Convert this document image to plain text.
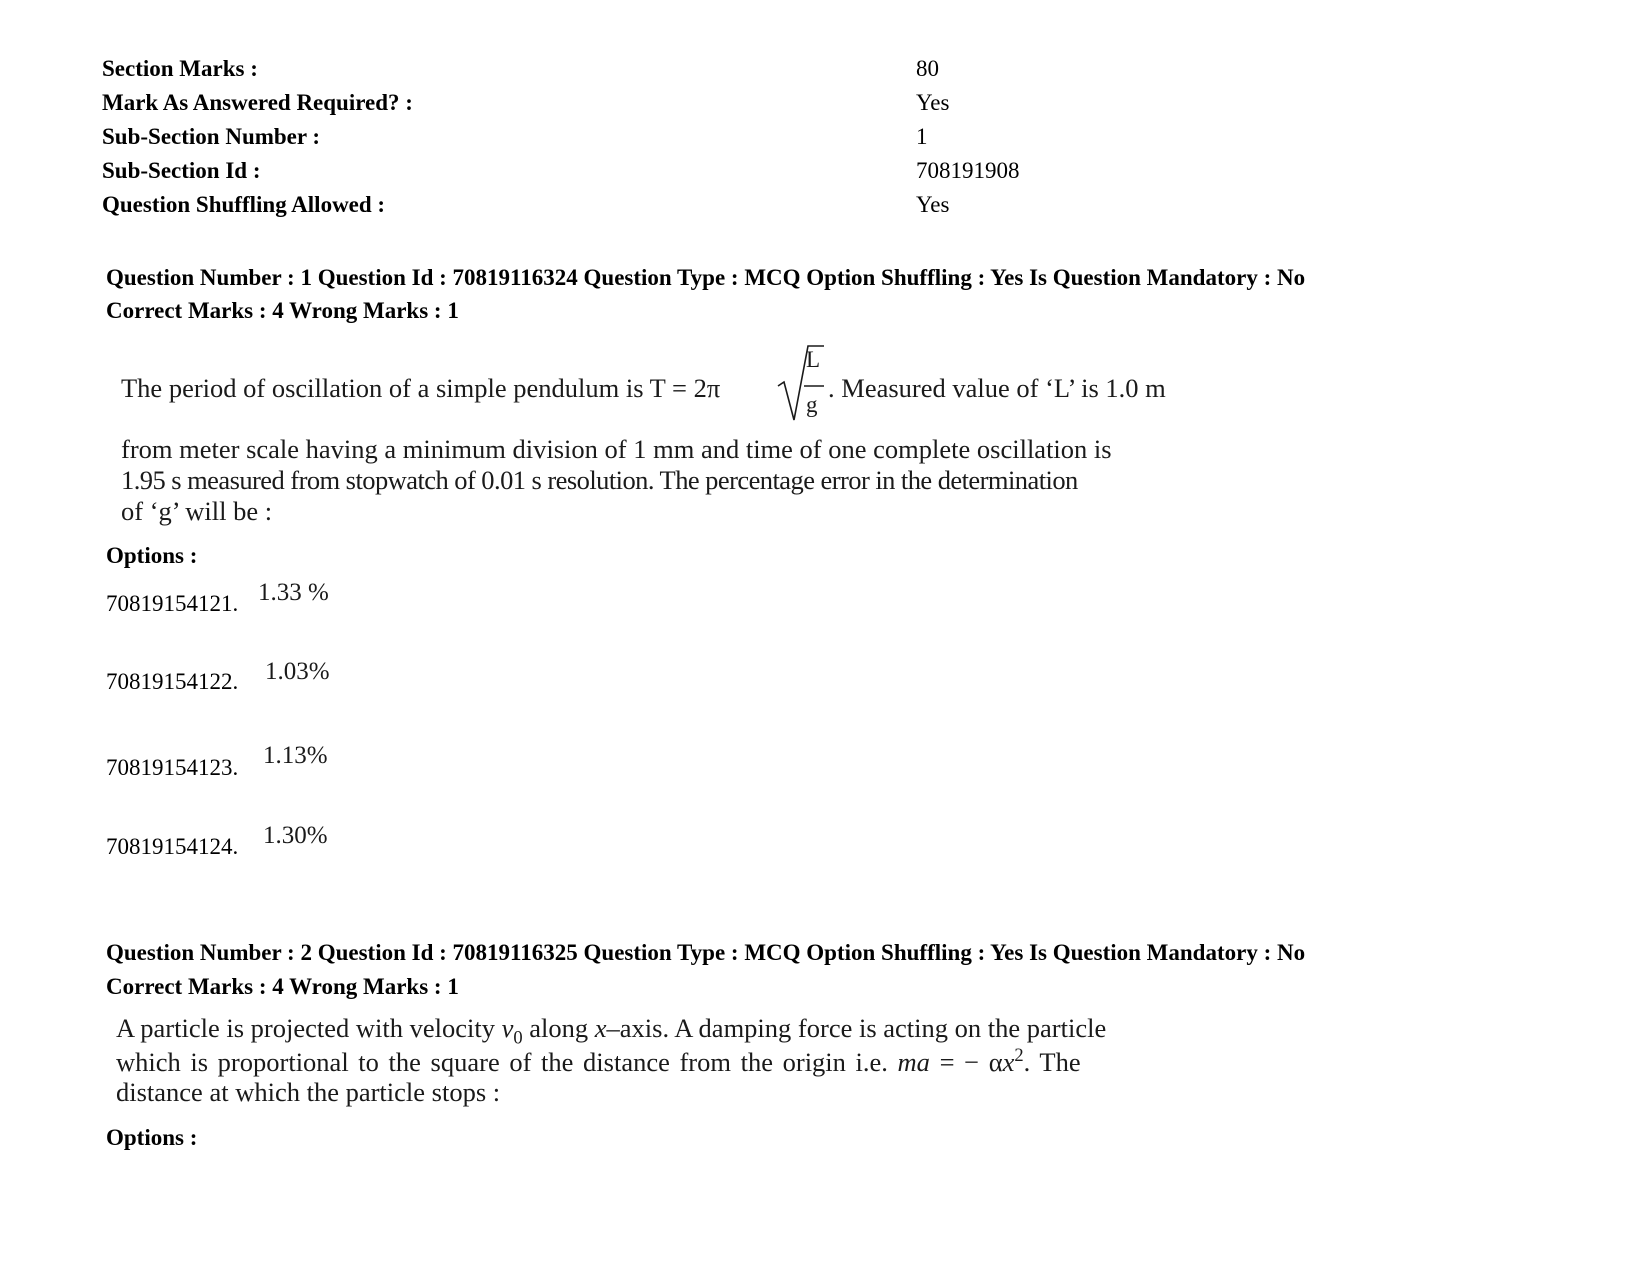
Section Marks :	80
Mark As Answered Required? :	Yes
Sub-Section Number :	1
Sub-Section Id :	708191908
Question Shuffling Allowed :	Yes
Question Number : 1 Question Id : 70819116324 Question Type : MCQ Option Shuffling : Yes Is Question Mandatory : No
Correct Marks : 4 Wrong Marks : 1
The period of oscillation of a simple pendulum is T = 2π
L
g
. Measured value of ‘L’ is 1.0 m
from meter scale having a minimum division of 1 mm and time of one complete oscillation is
1.95 s measured from stopwatch of 0.01 s resolution. The percentage error in the determination
of ‘g’ will be :
Options :
70819154121. 1.33 %
70819154122. 1.03%
70819154123. 1.13%
70819154124. 1.30%
Question Number : 2 Question Id : 70819116325 Question Type : MCQ Option Shuffling : Yes Is Question Mandatory : No
Correct Marks : 4 Wrong Marks : 1
A particle is projected with velocity $v_0$ along x–axis. A damping force is acting on the particle
which is proportional to the square of the distance from the origin i.e. ma = − $\alpha x^2$. The
distance at which the particle stops :
Options :
